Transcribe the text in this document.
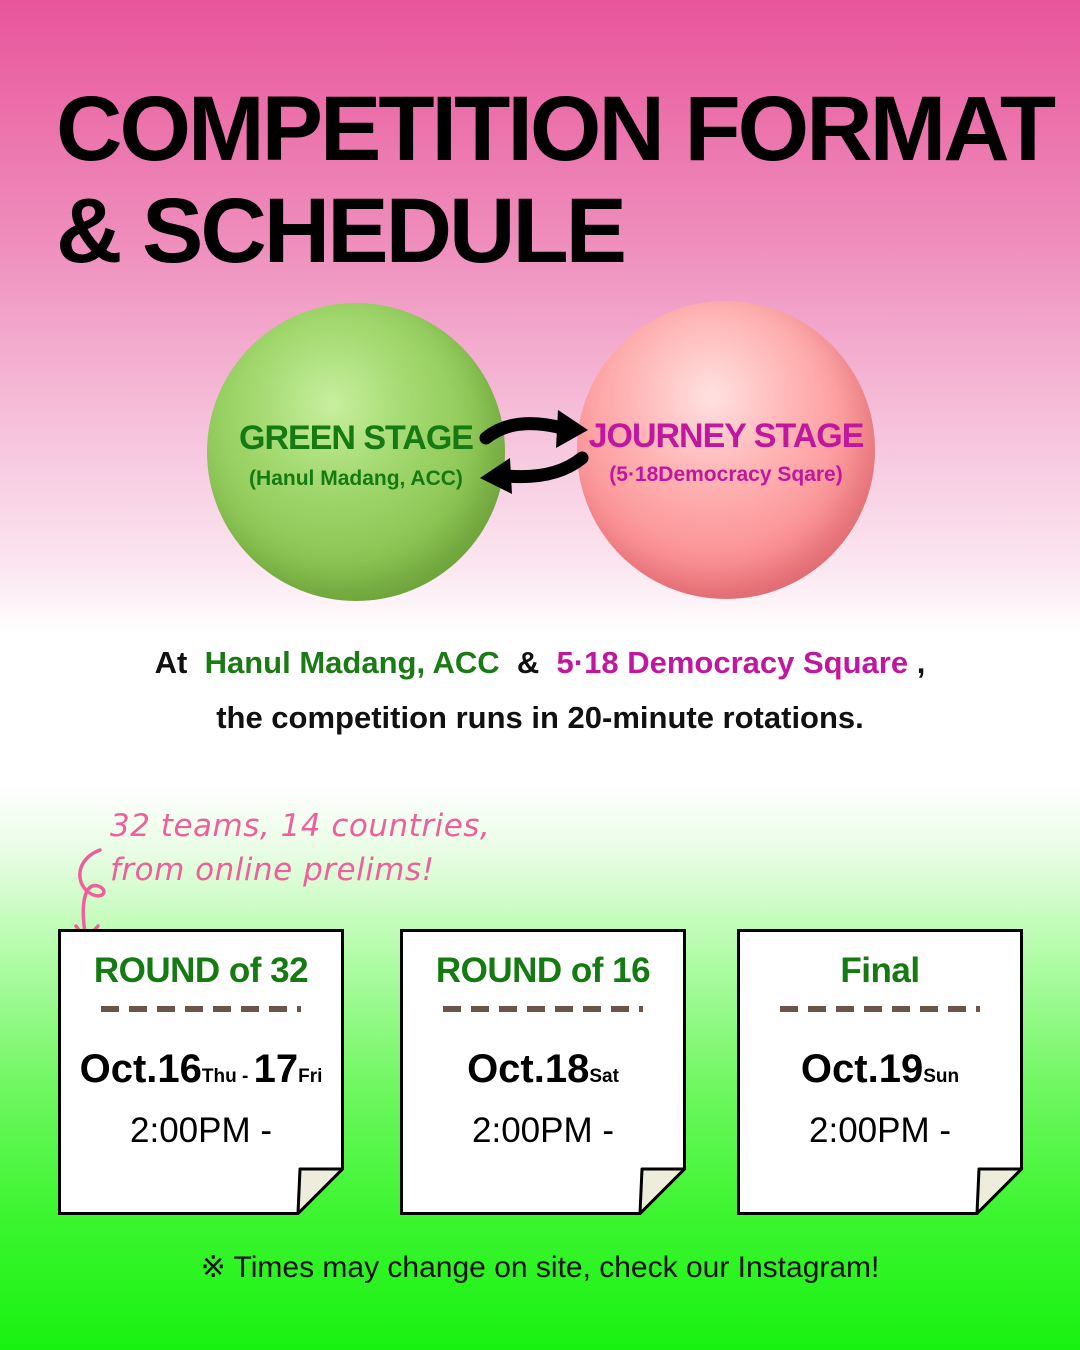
COMPETITION FORMAT
& SCHEDULE
GREEN STAGE
(Hanul Madang, ACC)
JOURNEY STAGE
(5·18Democracy Sqare)
At Hanul Madang, ACC & 5·18 Democracy Square ,
the competition runs in 20-minute rotations.
32 teams, 14 countries,
from online prelims!
ROUND of 32
Oct.16Thu - 17Fri
2:00PM -
ROUND of 16
Oct.18Sat
2:00PM -
Final
Oct.19Sun
2:00PM -
※ Times may change on site, check our Instagram!
